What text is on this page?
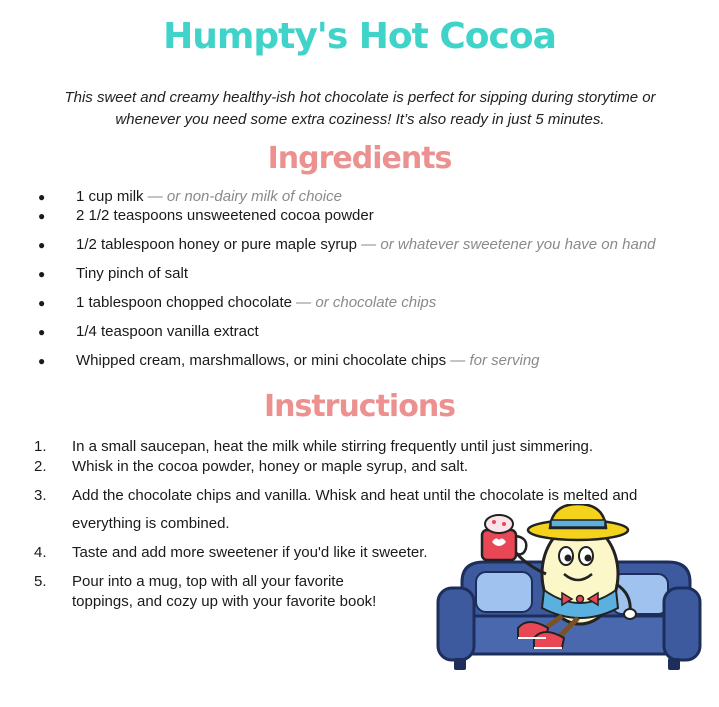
Humpty's Hot Cocoa
This sweet and creamy healthy-ish hot chocolate is perfect for sipping during storytime or whenever you need some extra coziness! It’s also ready in just 5 minutes.
Ingredients
●	1 cup milk — or non-dairy milk of choice
●	2 1/2 teaspoons unsweetened cocoa powder
●	1/2 tablespoon honey or pure maple syrup — or whatever sweetener you have on hand
●	Tiny pinch of salt
●	1 tablespoon chopped chocolate — or chocolate chips
●	1/4 teaspoon vanilla extract
●	Whipped cream, marshmallows, or mini chocolate chips — for serving
Instructions
1. In a small saucepan, heat the milk while stirring frequently until just simmering.
2. Whisk in the cocoa powder, honey or maple syrup, and salt.
3. Add the chocolate chips and vanilla. Whisk and heat until the chocolate is melted and
everything is combined.
4. Taste and add more sweetener if you'd like it sweeter.
5. Pour into a mug, top with all your favorite
toppings, and cozy up with your favorite book!
